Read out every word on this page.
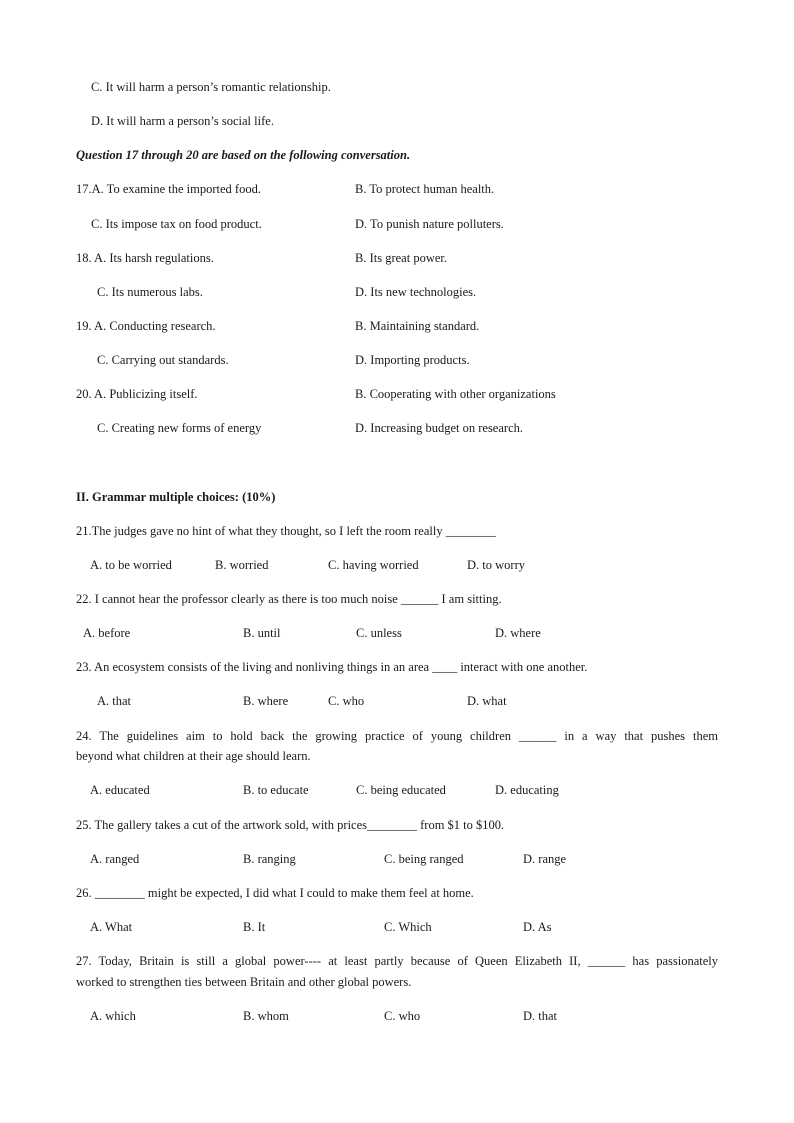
C. It will harm a person’s romantic relationship.
D. It will harm a person’s social life.
Question 17 through 20 are based on the following conversation.
17.A. To examine the imported food.	B. To protect human health.
C. Its impose tax on food product.	D. To punish nature polluters.
18. A. Its harsh regulations.	B. Its great power.
C. Its numerous labs.	D. Its new technologies.
19. A. Conducting research.	B. Maintaining standard.
C. Carrying out standards.	D. Importing products.
20. A. Publicizing itself.	B. Cooperating with other organizations
C. Creating new forms of energy	D. Increasing budget on research.
II. Grammar multiple choices: (10%)
21.The judges gave no hint of what they thought, so I left the room really ________
A. to be worried	B. worried	C. having worried	D. to worry
22. I cannot hear the professor clearly as there is too much noise ______ I am sitting.
A. before	B. until	C. unless	D. where
23. An ecosystem consists of the living and nonliving things in an area ____ interact with one another.
A. that	B. where	C. who	D. what
24. The guidelines aim to hold back the growing practice of young children ______ in a way that pushes them
beyond what children at their age should learn.
A. educated	B. to educate	C. being educated	D. educating
25. The gallery takes a cut of the artwork sold, with prices________ from $1 to $100.
A. ranged	B. ranging	C. being ranged	D. range
26. ________ might be expected, I did what I could to make them feel at home.
A. What	B. It	C. Which	D. As
27. Today, Britain is still a global power---- at least partly because of Queen Elizabeth II, ______ has passionately
worked to strengthen ties between Britain and other global powers.
A. which	B. whom	C. who	D. that
